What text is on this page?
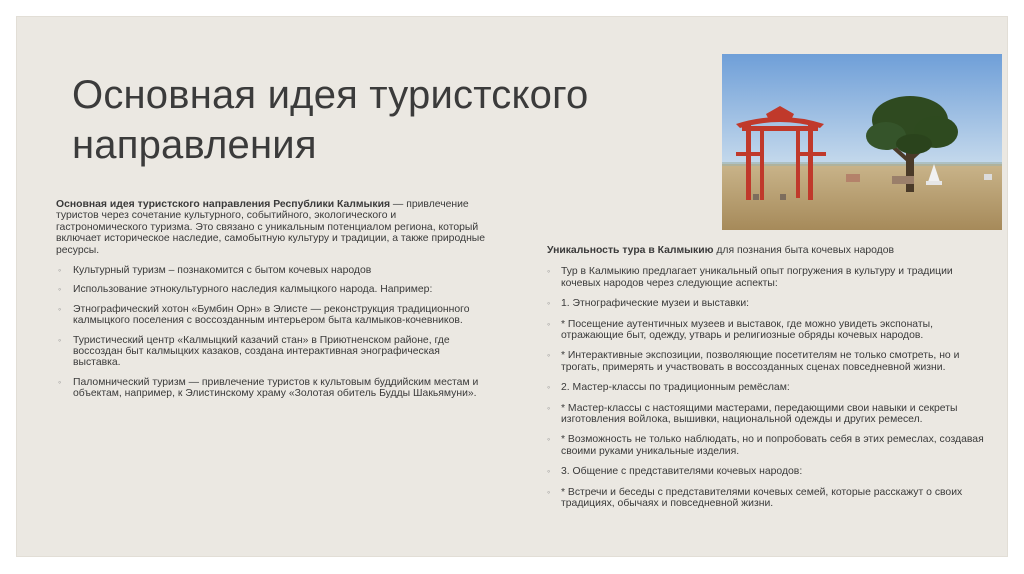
Основная идея туристского
направления

Основная идея туристского направления Республики Калмыкия — привлечение туристов через сочетание культурного, событийного, экологического и гастрономического туризма. Это связано с уникальным потенциалом региона, который включает историческое наследие, самобытную культуру и традиции, а также природные ресурсы.

◦ Культурный туризм – познакомится с бытом кочевых народов
◦ Использование этнокультурного наследия калмыцкого народа. Например:
◦ Этнографический хотон «Бумбин Орн» в Элисте — реконструкция традиционного калмыцкого поселения с воссозданным интерьером быта калмыков-кочевников.
◦ Туристический центр «Калмыцкий казачий стан» в Приютненском районе, где воссоздан быт калмыцких казаков, создана интерактивная энографическая выставка.
◦ Паломнический туризм — привлечение туристов к культовым буддийским местам и объектам, например, к Элистинскому храму «Золотая обитель Будды Шакьямуни».

Уникальность тура в Калмыкию для познания быта кочевых народов

◦ Тур в Калмыкию предлагает уникальный опыт погружения в культуру и традиции кочевых народов через следующие аспекты:
◦ 1. Этнографические музеи и выставки:
◦ * Посещение аутентичных музеев и выставок, где можно увидеть экспонаты, отражающие быт, одежду, утварь и религиозные обряды кочевых народов.
◦ * Интерактивные экспозиции, позволяющие посетителям не только смотреть, но и трогать, примерять и участвовать в воссозданных сценах повседневной жизни.
◦ 2. Мастер-классы по традиционным ремёслам:
◦ * Мастер-классы с настоящими мастерами, передающими свои навыки и секреты изготовления войлока, вышивки, национальной одежды и других ремесел.
◦ * Возможность не только наблюдать, но и попробовать себя в этих ремеслах, создавая своими руками уникальные изделия.
◦ 3. Общение с представителями кочевых народов:
◦ * Встречи и беседы с представителями кочевых семей, которые расскажут о своих традициях, обычаях и повседневной жизни.
